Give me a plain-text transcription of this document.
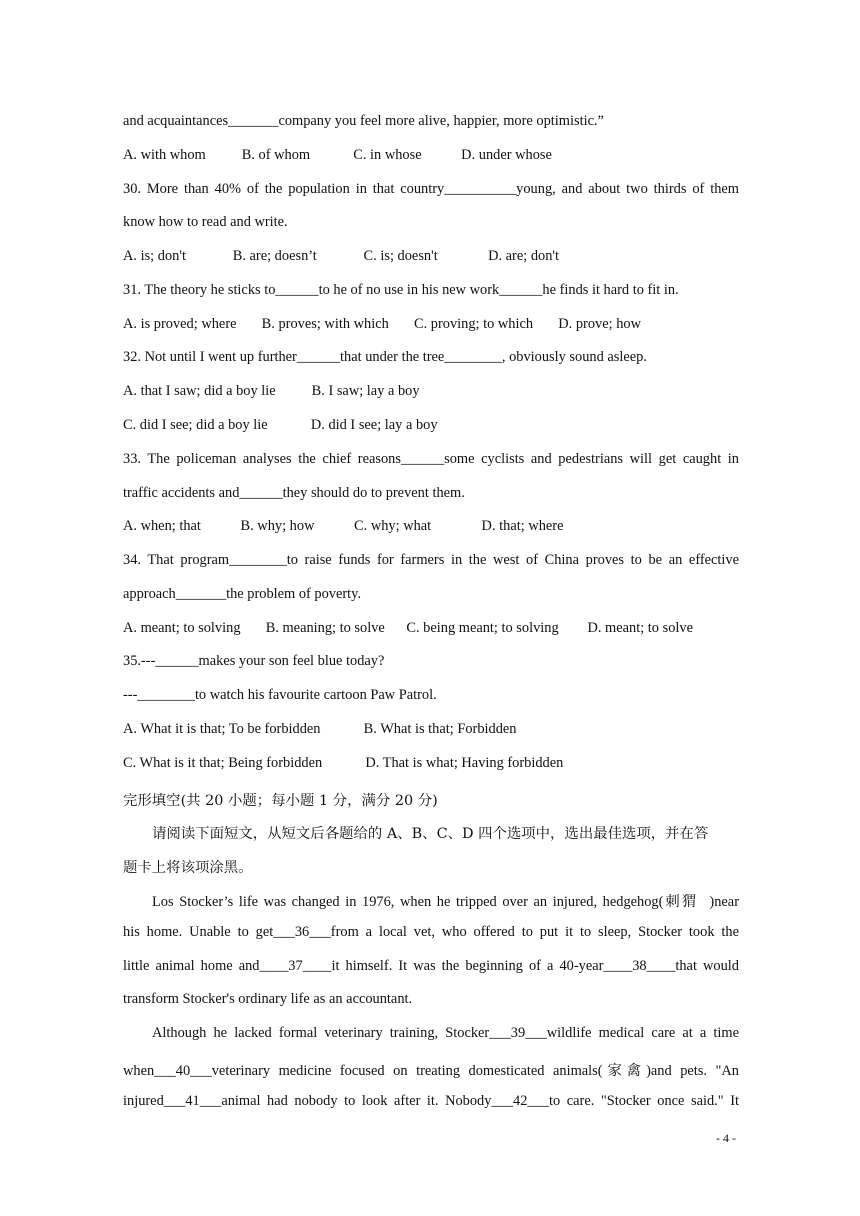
and acquaintances_______company you feel more alive, happier, more optimistic.”
A. with whom          B. of whom            C. in whose           D. under whose
30. More than 40% of the population in that country__________young, and about two thirds of them
know how to read and write.
A. is; don't             B. are; doesn’t             C. is; doesn't              D. are; don't
31. The theory he sticks to______to he of no use in his new work______he finds it hard to fit in.
A. is proved; where       B. proves; with which       C. proving; to which       D. prove; how
32. Not until I went up further______that under the tree________, obviously sound asleep.
A. that I saw; did a boy lie          B. I saw; lay a boy
C. did I see; did a boy lie            D. did I see; lay a boy
33. The policeman analyses the chief reasons______some cyclists and pedestrians will get caught in
traffic accidents and______they should do to prevent them.
A. when; that           B. why; how           C. why; what              D. that; where
34. That program________to raise funds for farmers in the west of China proves to be an effective
approach_______the problem of poverty.
A. meant; to solving       B. meaning; to solve      C. being meant; to solving        D. meant; to solve
35.---______makes your son feel blue today?
---________to watch his favourite cartoon Paw Patrol.
A. What it is that; To be forbidden            B. What is that; Forbidden
C. What is it that; Being forbidden            D. That is what; Having forbidden
完形填空(共 20 小题；每小题 1 分，满分 20 分)
请阅读下面短文，从短文后各题给的 A、B、C、D 四个选项中，选出最佳选项，并在答
题卡上将该项涂黑。
Los Stocker’s life was changed in 1976, when he tripped over an injured, hedgehog(刺猬  )near
his home. Unable to get___36___from a local vet, who offered to put it to sleep, Stocker took the
little animal home and____37____it himself. It was the beginning of a 40-year____38____that would
transform Stocker's ordinary life as an accountant.
Although he lacked formal veterinary training, Stocker___39___wildlife medical care at a time
when___40___veterinary medicine focused on treating domesticated animals(家禽)and pets. "An
injured___41___animal had nobody to look after it. Nobody___42___to care. "Stocker once said." It
- 4 -
